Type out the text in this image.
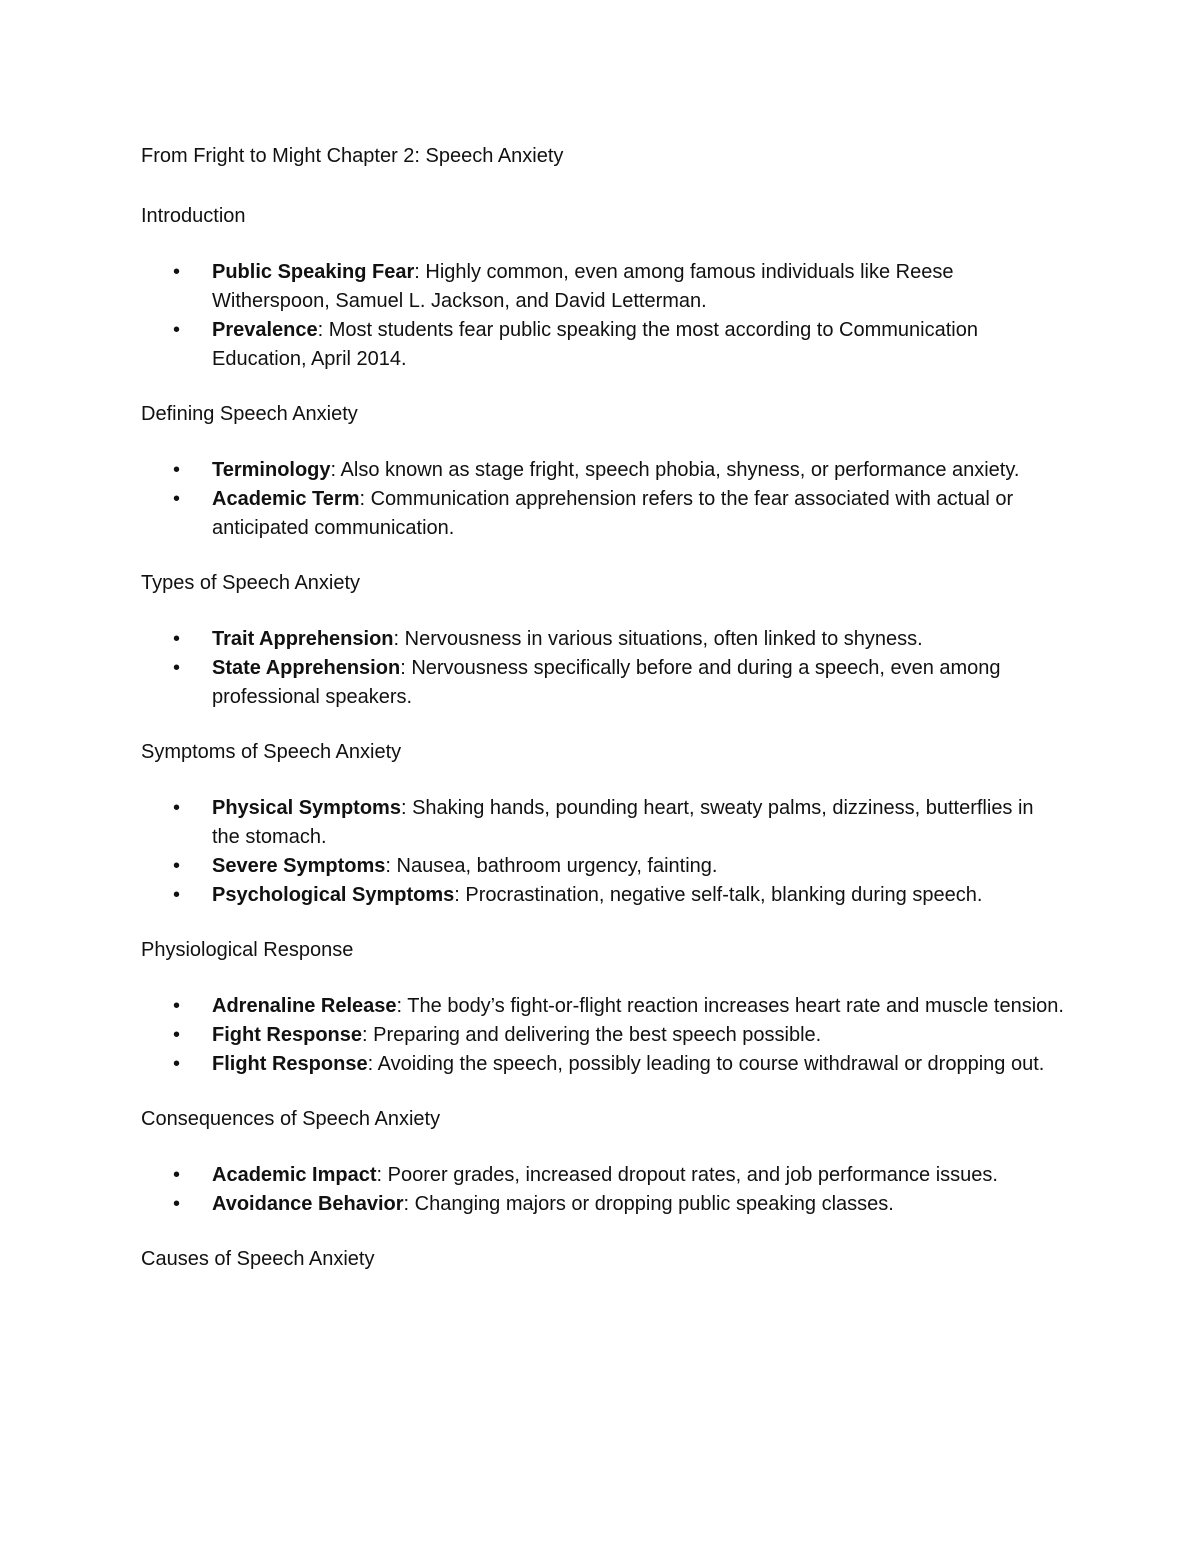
From Fright to Might Chapter 2: Speech Anxiety
Introduction
• Public Speaking Fear: Highly common, even among famous individuals like Reese Witherspoon, Samuel L. Jackson, and David Letterman.
• Prevalence: Most students fear public speaking the most according to Communication Education, April 2014.
Defining Speech Anxiety
• Terminology: Also known as stage fright, speech phobia, shyness, or performance anxiety.
• Academic Term: Communication apprehension refers to the fear associated with actual or anticipated communication.
Types of Speech Anxiety
• Trait Apprehension: Nervousness in various situations, often linked to shyness.
• State Apprehension: Nervousness specifically before and during a speech, even among professional speakers.
Symptoms of Speech Anxiety
• Physical Symptoms: Shaking hands, pounding heart, sweaty palms, dizziness, butterflies in the stomach.
• Severe Symptoms: Nausea, bathroom urgency, fainting.
• Psychological Symptoms: Procrastination, negative self-talk, blanking during speech.
Physiological Response
• Adrenaline Release: The body’s fight-or-flight reaction increases heart rate and muscle tension.
• Fight Response: Preparing and delivering the best speech possible.
• Flight Response: Avoiding the speech, possibly leading to course withdrawal or dropping out.
Consequences of Speech Anxiety
• Academic Impact: Poorer grades, increased dropout rates, and job performance issues.
• Avoidance Behavior: Changing majors or dropping public speaking classes.
Causes of Speech Anxiety
